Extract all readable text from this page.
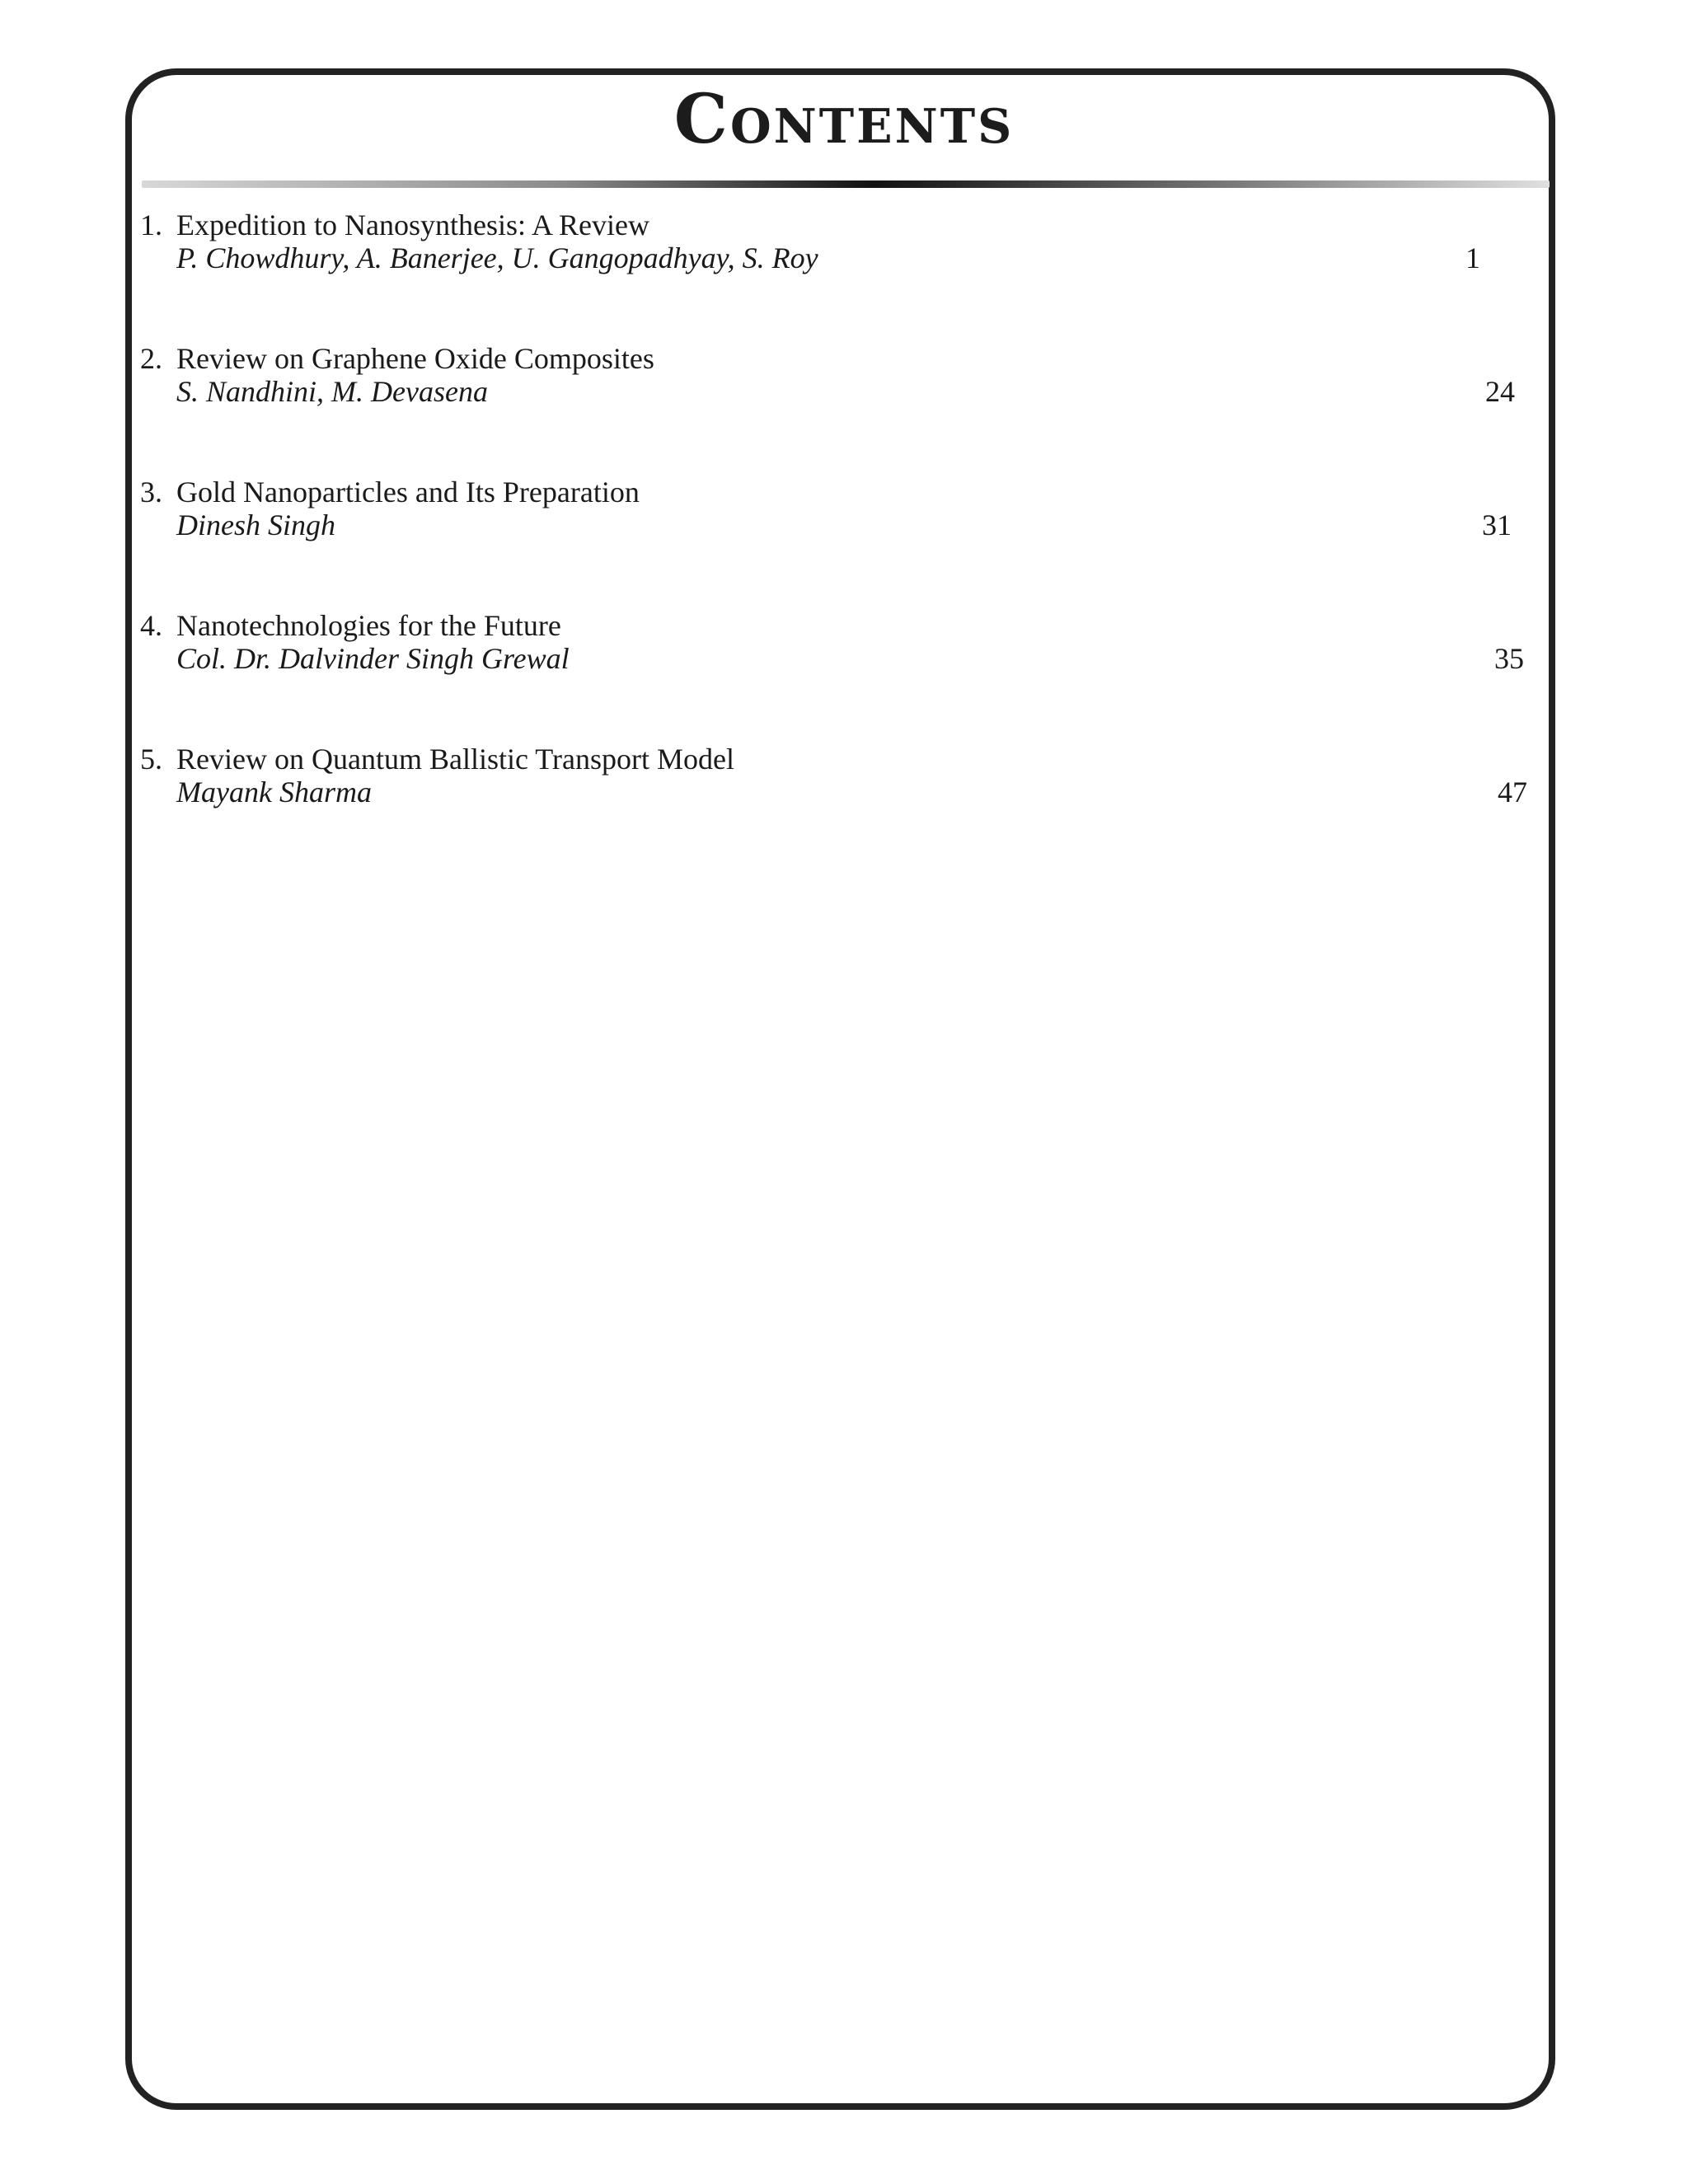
Contents
1. Expedition to Nanosynthesis: A Review
P. Chowdhury, A. Banerjee, U. Gangopadhyay, S. Roy	1
2. Review on Graphene Oxide Composites
S. Nandhini, M. Devasena	24
3. Gold Nanoparticles and Its Preparation
Dinesh Singh	31
4. Nanotechnologies for the Future
Col. Dr. Dalvinder Singh Grewal	35
5. Review on Quantum Ballistic Transport Model
Mayank Sharma	47
